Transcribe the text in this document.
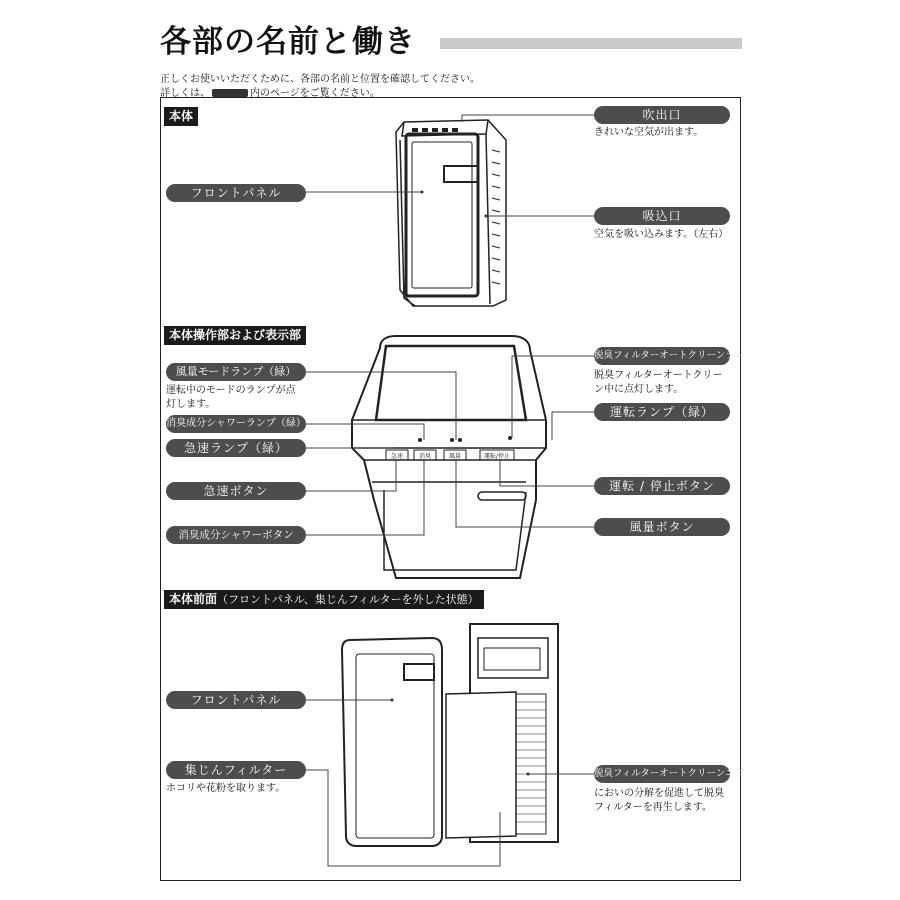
各部の名前と働き
正しくお使いいただくために、各部の名前と位置を確認してください。
詳しくは、	内のページをご覧ください。
本体
本体操作部および表示部
本体前面（フロントパネル、集じんフィルターを外した状態）
吹出口
きれいな空気が出ます。
フロントパネル
吸込口
空気を吸い込みます。（左右）
脱臭フィルターオートクリーンランプ（橙）
脱臭フィルターオートクリー
ン中に点灯します。
風量モードランプ（緑）
運転中のモードのランプが点
灯します。
運転ランプ（緑）
消臭成分シャワーランプ（緑）
急速ランプ（緑）
急速ボタン	運転 / 停止ボタン
風量ボタン
消臭成分シャワーボタン
急速	消臭	風量	運転/停止
フロントパネル
集じんフィルター
ホコリや花粉を取ります。
脱臭フィルターオートクリーンユニット
においの分解を促進して脱臭
フィルターを再生します。
